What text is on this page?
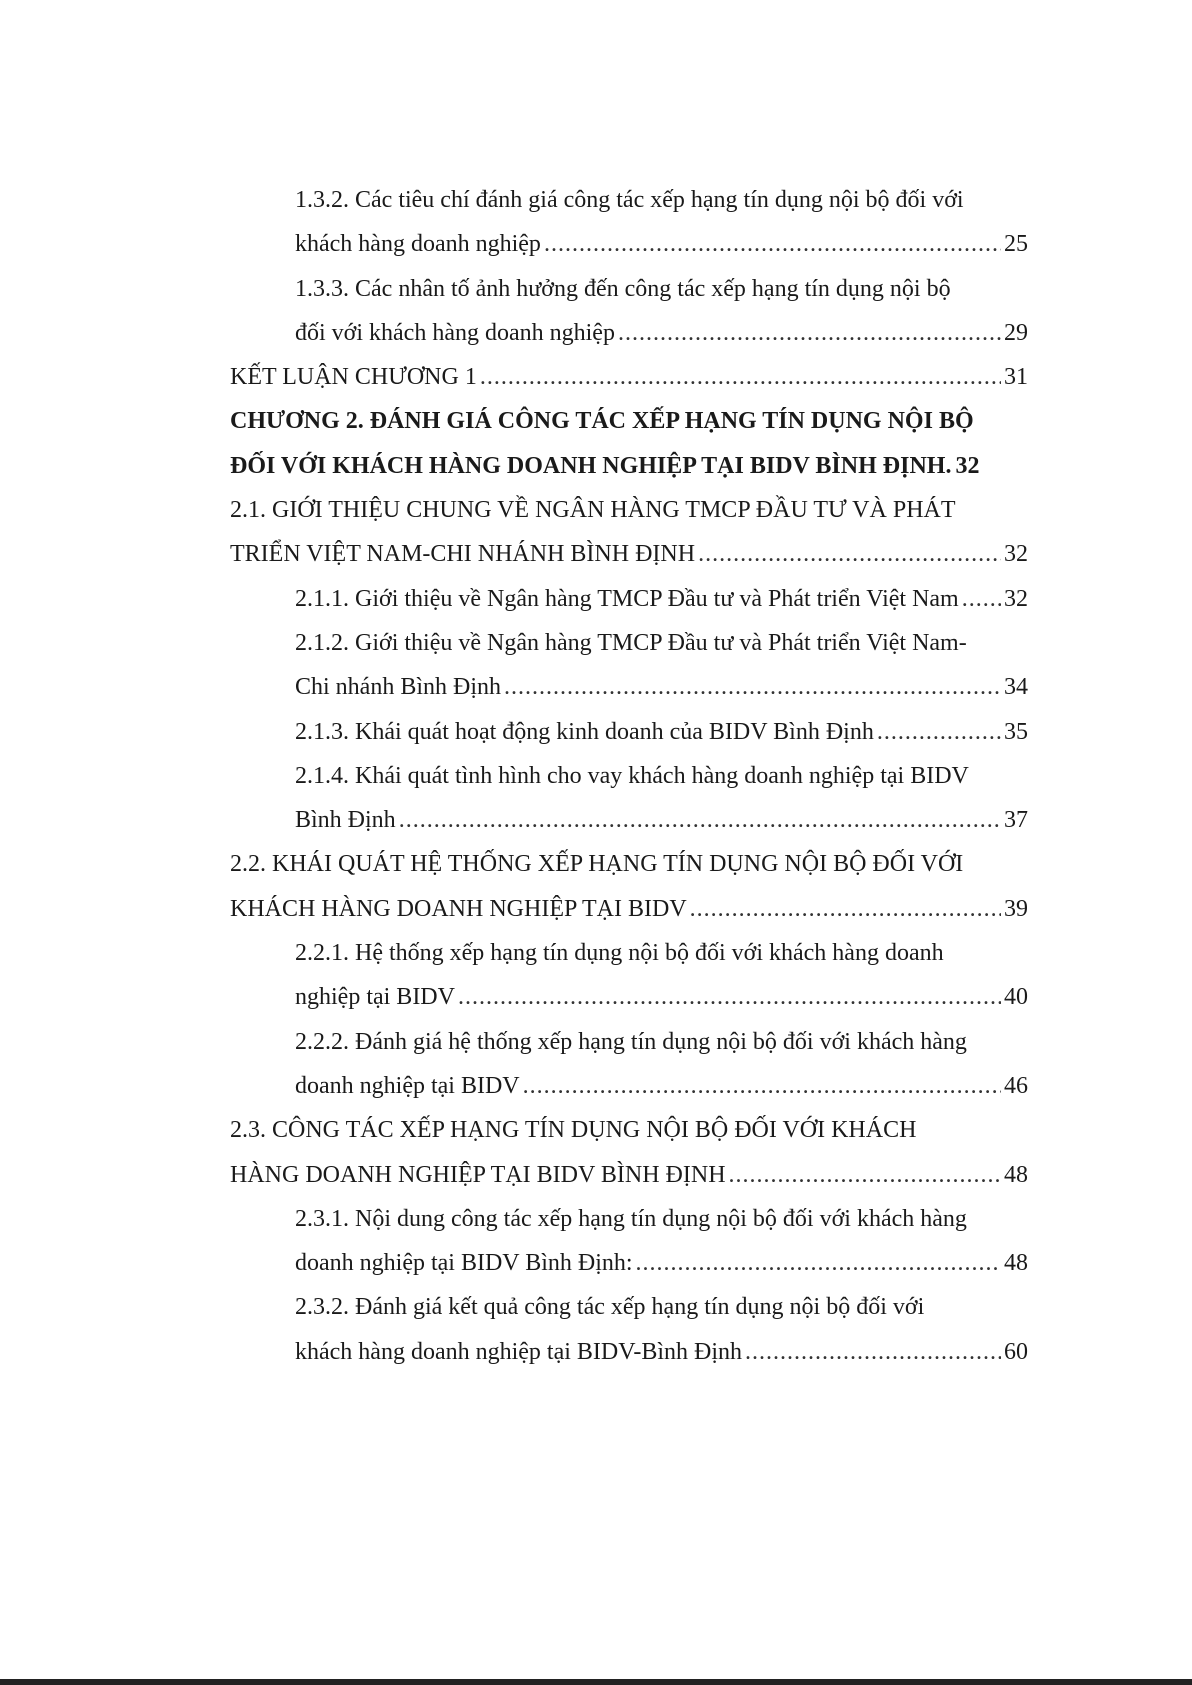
1.3.2. Các tiêu chí đánh giá công tác xếp hạng tín dụng nội bộ đối với
khách hàng doanh nghiệp .....	25
1.3.3. Các nhân tố ảnh hưởng đến công tác xếp hạng tín dụng nội bộ
đối với khách hàng doanh nghiệp .....	29
KẾT LUẬN CHƯƠNG 1 .....	31
CHƯƠNG 2. ĐÁNH GIÁ CÔNG TÁC XẾP HẠNG TÍN DỤNG NỘI BỘ
ĐỐI VỚI KHÁCH HÀNG DOANH NGHIỆP TẠI BIDV BÌNH ĐỊNH. 32
2.1. GIỚI THIỆU CHUNG VỀ NGÂN HÀNG TMCP ĐẦU TƯ VÀ PHÁT
TRIỂN VIỆT NAM-CHI NHÁNH BÌNH ĐỊNH .....	32
2.1.1. Giới thiệu về Ngân hàng TMCP Đầu tư và Phát triển Việt Nam ..... 32
2.1.2. Giới thiệu về Ngân hàng TMCP Đầu tư và Phát triển Việt Nam-
Chi nhánh Bình Định .....	34
2.1.3. Khái quát hoạt động kinh doanh của BIDV Bình Định .....	35
2.1.4. Khái quát tình hình cho vay khách hàng doanh nghiệp tại BIDV
Bình Định .....	37
2.2. KHÁI QUÁT HỆ THỐNG XẾP HẠNG TÍN DỤNG NỘI BỘ ĐỐI VỚI
KHÁCH HÀNG DOANH NGHIỆP TẠI BIDV .....	39
2.2.1. Hệ thống xếp hạng tín dụng nội bộ đối với khách hàng doanh
nghiệp tại BIDV .....	40
2.2.2. Đánh giá hệ thống xếp hạng tín dụng nội bộ đối với khách hàng
doanh nghiệp tại BIDV .....	46
2.3. CÔNG TÁC XẾP HẠNG TÍN DỤNG NỘI BỘ ĐỐI VỚI KHÁCH
HÀNG DOANH NGHIỆP TẠI BIDV BÌNH ĐỊNH .....	48
2.3.1. Nội dung công tác xếp hạng tín dụng nội bộ đối với khách hàng
doanh nghiệp tại BIDV Bình Định: .....	48
2.3.2. Đánh giá kết quả công tác xếp hạng tín dụng nội bộ đối với
khách hàng doanh nghiệp tại BIDV-Bình Định .....	60
